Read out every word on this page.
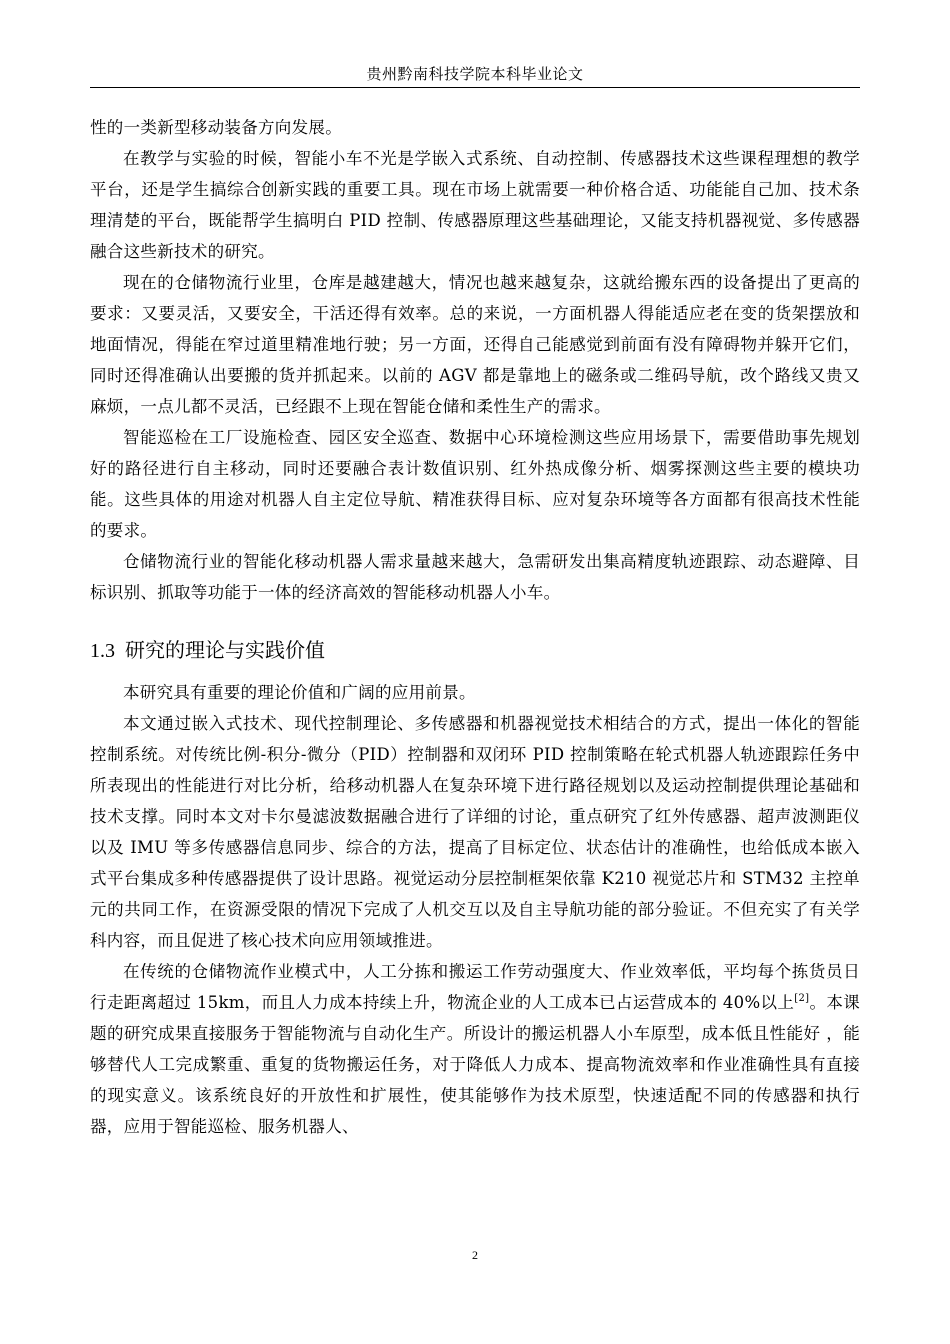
贵州黔南科技学院本科毕业论文

性的一类新型移动装备方向发展。

在教学与实验的时候，智能小车不光是学嵌入式系统、自动控制、传感器技术这些课程理想的教学平台，还是学生搞综合创新实践的重要工具。现在市场上就需要一种价格合适、功能能自己加、技术条理清楚的平台，既能帮学生搞明白 PID 控制、传感器原理这些基础理论，又能支持机器视觉、多传感器融合这些新技术的研究。

现在的仓储物流行业里，仓库是越建越大，情况也越来越复杂，这就给搬东西的设备提出了更高的要求：又要灵活，又要安全，干活还得有效率。总的来说，一方面机器人得能适应老在变的货架摆放和地面情况，得能在窄过道里精准地行驶；另一方面，还得自己能感觉到前面有没有障碍物并躲开它们，同时还得准确认出要搬的货并抓起来。以前的 AGV 都是靠地上的磁条或二维码导航，改个路线又贵又麻烦，一点儿都不灵活，已经跟不上现在智能仓储和柔性生产的需求。

智能巡检在工厂设施检查、园区安全巡查、数据中心环境检测这些应用场景下，需要借助事先规划好的路径进行自主移动，同时还要融合表计数值识别、红外热成像分析、烟雾探测这些主要的模块功能。这些具体的用途对机器人自主定位导航、精准获得目标、应对复杂环境等各方面都有很高技术性能的要求。

仓储物流行业的智能化移动机器人需求量越来越大，急需研发出集高精度轨迹跟踪、动态避障、目标识别、抓取等功能于一体的经济高效的智能移动机器人小车。

1.3 研究的理论与实践价值

本研究具有重要的理论价值和广阔的应用前景。

本文通过嵌入式技术、现代控制理论、多传感器和机器视觉技术相结合的方式，提出一体化的智能控制系统。对传统比例-积分-微分（PID）控制器和双闭环 PID 控制策略在轮式机器人轨迹跟踪任务中所表现出的性能进行对比分析，给移动机器人在复杂环境下进行路径规划以及运动控制提供理论基础和技术支撑。同时本文对卡尔曼滤波数据融合进行了详细的讨论，重点研究了红外传感器、超声波测距仪以及 IMU 等多传感器信息同步、综合的方法，提高了目标定位、状态估计的准确性，也给低成本嵌入式平台集成多种传感器提供了设计思路。视觉运动分层控制框架依靠 K210 视觉芯片和 STM32 主控单元的共同工作，在资源受限的情况下完成了人机交互以及自主导航功能的部分验证。不但充实了有关学科内容，而且促进了核心技术向应用领域推进。

在传统的仓储物流作业模式中，人工分拣和搬运工作劳动强度大、作业效率低，平均每个拣货员日行走距离超过 15km，而且人力成本持续上升，物流企业的人工成本已占运营成本的 40%以上[2]。本课题的研究成果直接服务于智能物流与自动化生产。所设计的搬运机器人小车原型，成本低且性能好 ，能够替代人工完成繁重、重复的货物搬运任务，对于降低人力成本、提高物流效率和作业准确性具有直接的现实意义。该系统良好的开放性和扩展性，使其能够作为技术原型，快速适配不同的传感器和执行器，应用于智能巡检、服务机器人、

2
